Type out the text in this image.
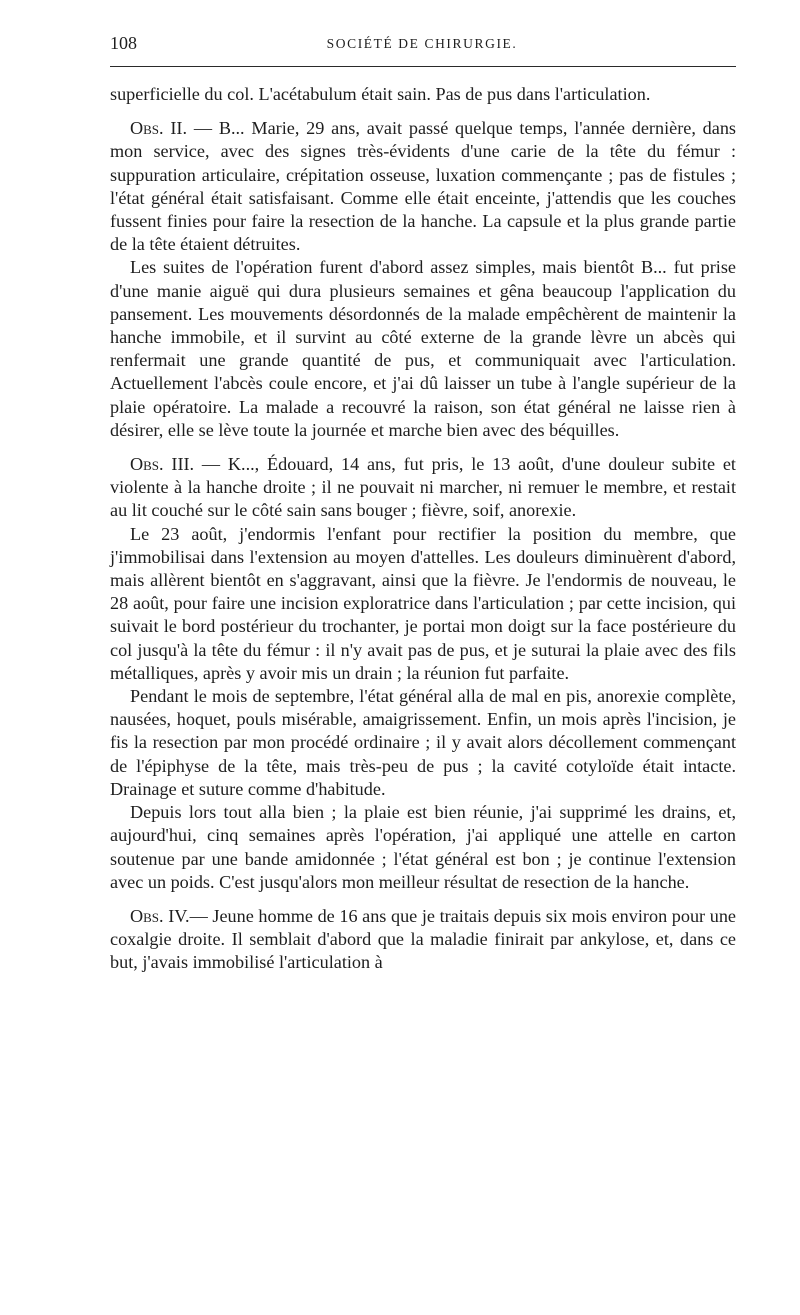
108	SOCIÉTÉ DE CHIRURGIE.

superficielle du col. L'acétabulum était sain. Pas de pus dans l'articulation.

Obs. II. — B... Marie, 29 ans, avait passé quelque temps, l'année dernière, dans mon service, avec des signes très-évidents d'une carie de la tête du fémur : suppuration articulaire, crépitation osseuse, luxation commençante ; pas de fistules ; l'état général était satisfaisant. Comme elle était enceinte, j'attendis que les couches fussent finies pour faire la resection de la hanche. La capsule et la plus grande partie de la tête étaient détruites.

Les suites de l'opération furent d'abord assez simples, mais bientôt B... fut prise d'une manie aiguë qui dura plusieurs semaines et gêna beaucoup l'application du pansement. Les mouvements désordonnés de la malade empêchèrent de maintenir la hanche immobile, et il survint au côté externe de la grande lèvre un abcès qui renfermait une grande quantité de pus, et communiquait avec l'articulation. Actuellement l'abcès coule encore, et j'ai dû laisser un tube à l'angle supérieur de la plaie opératoire. La malade a recouvré la raison, son état général ne laisse rien à désirer, elle se lève toute la journée et marche bien avec des béquilles.

Obs. III. — K..., Édouard, 14 ans, fut pris, le 13 août, d'une douleur subite et violente à la hanche droite ; il ne pouvait ni marcher, ni remuer le membre, et restait au lit couché sur le côté sain sans bouger ; fièvre, soif, anorexie.

Le 23 août, j'endormis l'enfant pour rectifier la position du membre, que j'immobilisai dans l'extension au moyen d'attelles. Les douleurs diminuèrent d'abord, mais allèrent bientôt en s'aggravant, ainsi que la fièvre. Je l'endormis de nouveau, le 28 août, pour faire une incision exploratrice dans l'articulation ; par cette incision, qui suivait le bord postérieur du trochanter, je portai mon doigt sur la face postérieure du col jusqu'à la tête du fémur : il n'y avait pas de pus, et je suturai la plaie avec des fils métalliques, après y avoir mis un drain ; la réunion fut parfaite.

Pendant le mois de septembre, l'état général alla de mal en pis, anorexie complète, nausées, hoquet, pouls misérable, amaigrissement. Enfin, un mois après l'incision, je fis la resection par mon procédé ordinaire ; il y avait alors décollement commençant de l'épiphyse de la tête, mais très-peu de pus ; la cavité cotyloïde était intacte. Drainage et suture comme d'habitude.

Depuis lors tout alla bien ; la plaie est bien réunie, j'ai supprimé les drains, et, aujourd'hui, cinq semaines après l'opération, j'ai appliqué une attelle en carton soutenue par une bande amidonnée ; l'état général est bon ; je continue l'extension avec un poids. C'est jusqu'alors mon meilleur résultat de resection de la hanche.

Obs. IV.— Jeune homme de 16 ans que je traitais depuis six mois environ pour une coxalgie droite. Il semblait d'abord que la maladie finirait par ankylose, et, dans ce but, j'avais immobilisé l'articulation à
